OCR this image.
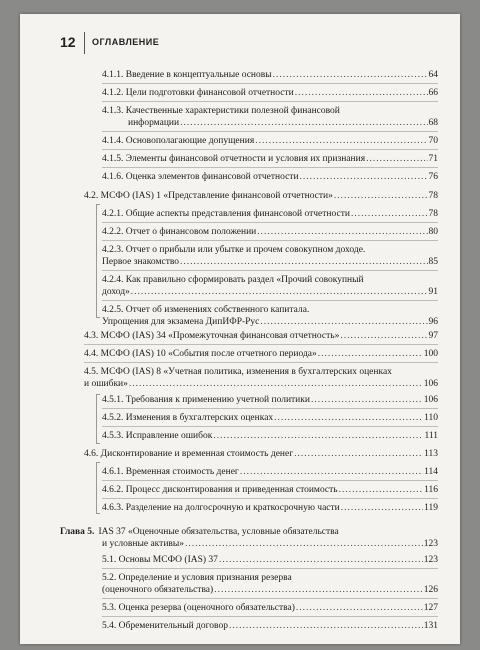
12 ОГЛАВЛЕНИЕ
4.1.1. Введение в концептуальные основы .....	64
4.1.2. Цели подготовки финансовой отчетности .....	66
4.1.3. Качественные характеристики полезной финансовой
информации .....	68
4.1.4. Основополагающие допущения .....	70
4.1.5. Элементы финансовой отчетности и условия их признания .....	71
4.1.6. Оценка элементов финансовой отчетности .....	76
4.2. МСФО (IAS) 1 «Представление финансовой отчетности» .....	78
4.2.1. Общие аспекты представления финансовой отчетности .....	78
4.2.2. Отчет о финансовом положении .....	80
4.2.3. Отчет о прибыли или убытке и прочем совокупном доходе.
Первое знакомство .....	85
4.2.4. Как правильно сформировать раздел «Прочий совокупный
доход» .....	91
4.2.5. Отчет об изменениях собственного капитала.
Упрощения для экзамена ДипИФР-Рус .....	96
4.3. МСФО (IAS) 34 «Промежуточная финансовая отчетность» .....	97
4.4. МСФО (IAS) 10 «События после отчетного периода» .....	100
4.5. МСФО (IAS) 8 «Учетная политика, изменения в бухгалтерских оценках
и ошибки» .....	106
4.5.1. Требования к применению учетной политики .....	106
4.5.2. Изменения в бухгалтерских оценках .....	110
4.5.3. Исправление ошибок .....	111
4.6. Дисконтирование и временная стоимость денег .....	113
4.6.1. Временная стоимость денег .....	114
4.6.2. Процесс дисконтирования и приведенная стоимость .....	116
4.6.3. Разделение на долгосрочную и краткосрочную части .....	119
Глава 5. IAS 37 «Оценочные обязательства, условные обязательства
и условные активы» .....	123
5.1. Основы МСФО (IAS) 37 .....	123
5.2. Определение и условия признания резерва
(оценочного обязательства) .....	126
5.3. Оценка резерва (оценочного обязательства) .....	127
5.4. Обременительный договор .....	131
